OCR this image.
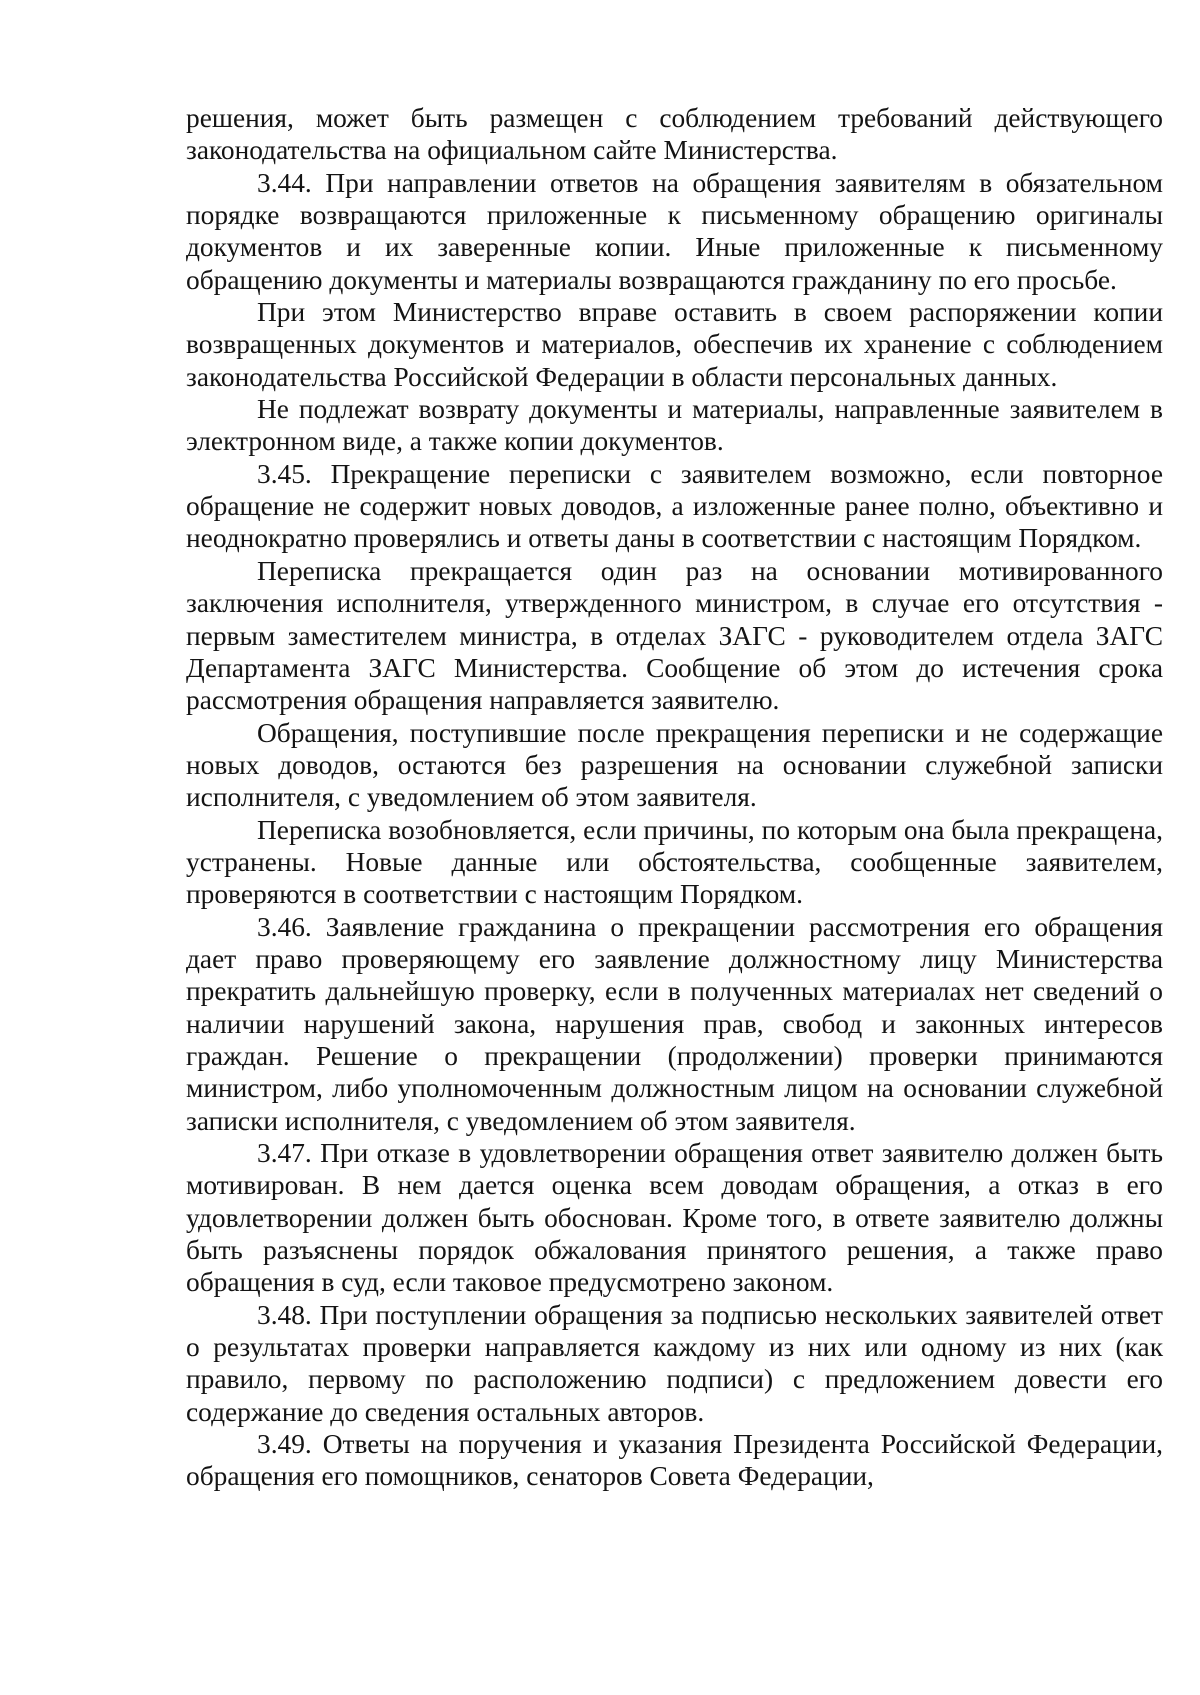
решения, может быть размещен с соблюдением требований действующего законодательства на официальном сайте Министерства.

3.44. При направлении ответов на обращения заявителям в обязательном порядке возвращаются приложенные к письменному обращению оригиналы документов и их заверенные копии. Иные приложенные к письменному обращению документы и материалы возвращаются гражданину по его просьбе.

При этом Министерство вправе оставить в своем распоряжении копии возвращенных документов и материалов, обеспечив их хранение с соблюдением законодательства Российской Федерации в области персональных данных.

Не подлежат возврату документы и материалы, направленные заявителем в электронном виде, а также копии документов.

3.45. Прекращение переписки с заявителем возможно, если повторное обращение не содержит новых доводов, а изложенные ранее полно, объективно и неоднократно проверялись и ответы даны в соответствии с настоящим Порядком.

Переписка прекращается один раз на основании мотивированного заключения исполнителя, утвержденного министром, в случае его отсутствия - первым заместителем министра, в отделах ЗАГС - руководителем отдела ЗАГС Департамента ЗАГС Министерства. Сообщение об этом до истечения срока рассмотрения обращения направляется заявителю.

Обращения, поступившие после прекращения переписки и не содержащие новых доводов, остаются без разрешения на основании служебной записки исполнителя, с уведомлением об этом заявителя.

Переписка возобновляется, если причины, по которым она была прекращена, устранены. Новые данные или обстоятельства, сообщенные заявителем, проверяются в соответствии с настоящим Порядком.

3.46. Заявление гражданина о прекращении рассмотрения его обращения дает право проверяющему его заявление должностному лицу Министерства прекратить дальнейшую проверку, если в полученных материалах нет сведений о наличии нарушений закона, нарушения прав, свобод и законных интересов граждан. Решение о прекращении (продолжении) проверки принимаются министром, либо уполномоченным должностным лицом на основании служебной записки исполнителя, с уведомлением об этом заявителя.

3.47. При отказе в удовлетворении обращения ответ заявителю должен быть мотивирован. В нем дается оценка всем доводам обращения, а отказ в его удовлетворении должен быть обоснован. Кроме того, в ответе заявителю должны быть разъяснены порядок обжалования принятого решения, а также право обращения в суд, если таковое предусмотрено законом.

3.48. При поступлении обращения за подписью нескольких заявителей ответ о результатах проверки направляется каждому из них или одному из них (как правило, первому по расположению подписи) с предложением довести его содержание до сведения остальных авторов.

3.49. Ответы на поручения и указания Президента Российской Федерации, обращения его помощников, сенаторов Совета Федерации,
